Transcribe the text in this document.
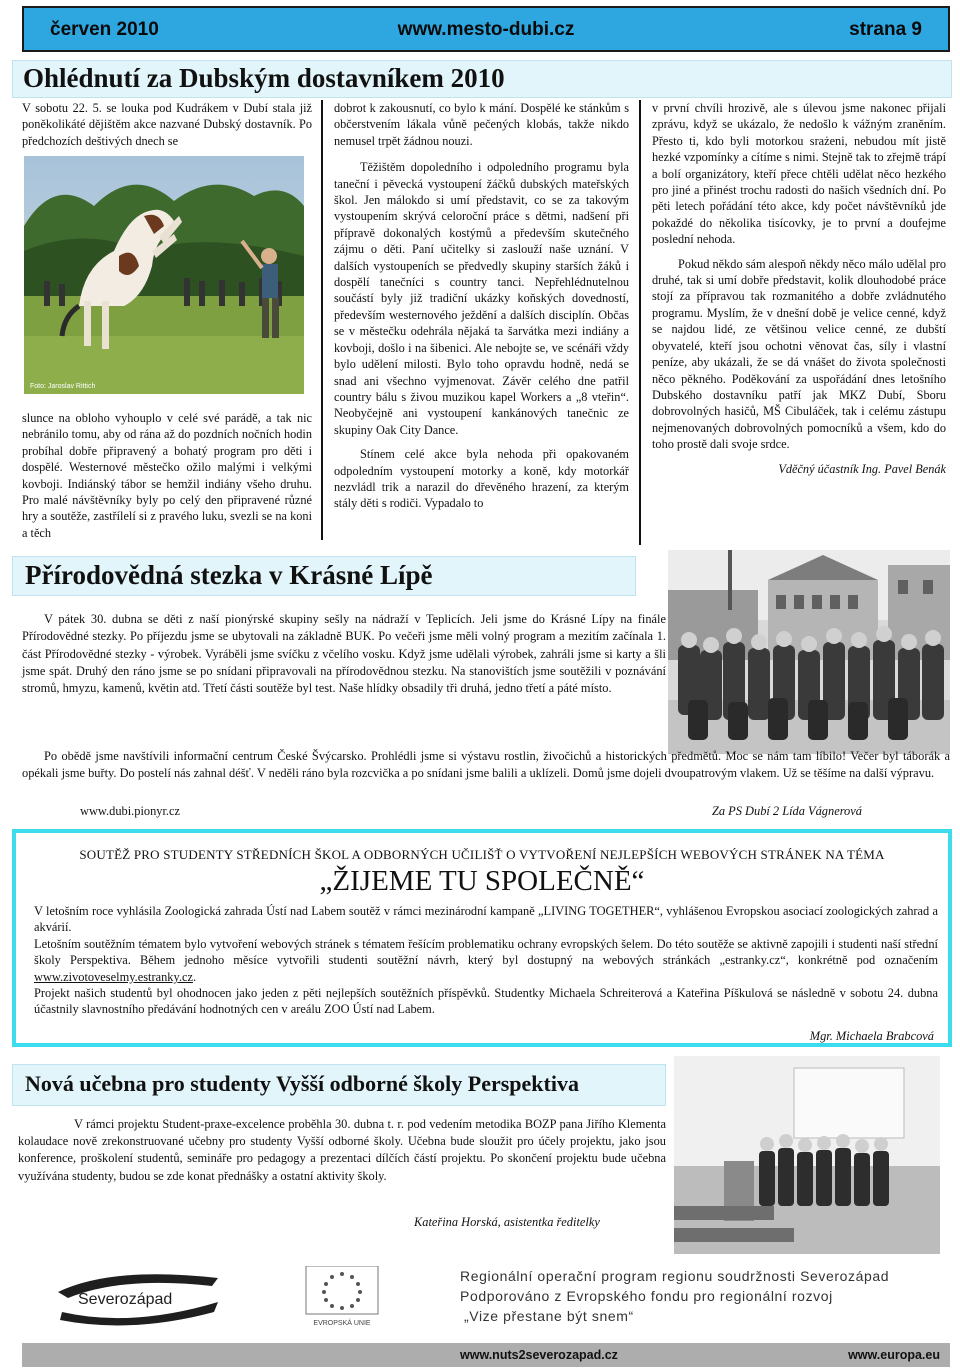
červen 2010	www.mesto-dubi.cz	strana 9
Ohlédnutí za Dubským dostavníkem 2010

V sobotu 22. 5. se louka pod Kudrákem v Dubí stala již poněkolikáté dějištěm akce nazvané Dubský dostavník. Po předchozích deštivých dnech se

Foto: Jaroslav Rittich

slunce na obloho vyhouplo v celé své parádě, a tak nic nebránilo tomu, aby od rána až do pozdních nočních hodin probíhal dobře připravený a bohatý program pro děti i dospělé. Westernové městečko ožilo malými i velkými kovboji. Indiánský tábor se hemžil indiány všeho druhu. Pro malé návštěvníky byly po celý den připravené různé hry a soutěže, zastřílelí si z pravého luku, svezli se na koni a těch

dobrot k zakousnutí, co bylo k mání. Dospělé ke stánkům s občerstvením lákala vůně pečených klobás, takže nikdo nemusel trpět žádnou nouzi.

Těžištěm dopoledního i odpoledního programu byla taneční i pěvecká vystoupení žáčků dubských mateřských škol. Jen málokdo si umí představit, co se za takovým vystoupením skrývá celoroční práce s dětmi, nadšení při přípravě dokonalých kostýmů a především skutečného zájmu o děti. Paní učitelky si zaslouží naše uznání. V dalších vystoupeních se předvedly skupiny starších žáků i dospělí tanečníci s country tanci. Nepřehlédnutelnou součástí byly již tradiční ukázky koňských dovedností, především westernového ježdění a dalších disciplín. Občas se v městečku odehrála nějaká ta šarvátka mezi indiány a kovboji, došlo i na šibenici. Ale nebojte se, ve scénáři vždy bylo udělení milosti. Bylo toho opravdu hodně, nedá se snad ani všechno vyjmenovat. Závěr celého dne patřil country bálu s živou muzikou kapel Workers a „8 vteřin“. Neobyčejně ani vystoupení kankánových tanečnic ze skupiny Oak City Dance.

Stínem celé akce byla nehoda při opakovaném odpoledním vystoupení motorky a koně, kdy motorkář nezvládl trik a narazil do dřevěného hrazení, za kterým stály děti s rodiči. Vypadalo to

v první chvíli hrozivě, ale s úlevou jsme nakonec přijali zprávu, když se ukázalo, že nedošlo k vážným zraněním. Přesto ti, kdo byli motorkou srażeni, nebudou mít jistě hezké vzpomínky a cítíme s nimi. Stejně tak to zřejmě trápí a bolí organizátory, kteří přece chtěli udělat něco hezkého pro jiné a přinést trochu radosti do našich všedních dní. Po pěti letech pořádání této akce, kdy počet návštěvníků jde pokaždé do několika tisícovky, je to první a doufejme poslední nehoda.

Pokud někdo sám alespoň někdy něco málo udělal pro druhé, tak si umí dobře představit, kolik dlouhodobé práce stojí za přípravou tak rozmanitého a dobře zvládnutého programu. Myslím, že v dnešní době je velice cenné, když se najdou lidé, ze většinou velice cenné, ze dubští obyvatelé, kteří jsou ochotni věnovat čas, síly i vlastní peníze, aby ukázali, že se dá vnášet do života společnosti něco pěkného. Poděkování za uspořádání dnes letošního Dubského dostavníku patří jak MKZ Dubí, Sboru dobrovolných hasičů, MŠ Cibuláček, tak i celému zástupu nejmenovaných dobrovolných pomocníků a všem, kdo do toho prostě dali svoje srdce.

Vděčný účastník Ing. Pavel Benák

Přírodovědná stezka v Krásné Lípě

V pátek 30. dubna se děti z naší pionýrské skupiny sešly na nádraží v Teplicích. Jeli jsme do Krásné Lípy na finále Přírodovědné stezky. Po příjezdu jsme se ubytovali na základně BUK. Po večeři jsme měli volný program a mezitím začínala 1. část Přírodovědné stezky - výrobek. Vyráběli jsme svíčku z včelího vosku. Když jsme udělali výrobek, zahráli jsme si karty a šli jsme spát. Druhý den ráno jsme se po snídani připravovali na přírodovědnou stezku. Na stanovištích jsme soutěžili v poznávání stromů, hmyzu, kamenů, květin atd. Třetí části soutěže byl test. Naše hlídky obsadily tři druhá, jedno třetí a páté místo.

Po obědě jsme navštívili informační centrum České Švýcarsko. Prohlédli jsme si výstavu rostlin, živočichů a historických předmětů. Moc se nám tam líbilo! Večer byl táborák a opékali jsme buřty. Do postelí nás zahnal déšť. V neděli ráno byla rozcvička a po snídani jsme balili a uklízeli. Domů jsme dojeli dvoupatrovým vlakem. Už se těšíme na další výpravu.

www.dubi.pionyr.cz	Za PS Dubí 2 Lída Vágnerová
SOUTĚŽ PRO STUDENTY STŘEDNÍCH ŠKOL A ODBORNÝCH UČILIŠŤ O VYTVOŘENÍ NEJLEPŠÍCH WEBOVÝCH STRÁNEK NA TÉMA
„ŽIJEME TU SPOLEČNĚ“

V letošním roce vyhlásila Zoologická zahrada Ústí nad Labem soutěž v rámci mezinárodní kampaně „LIVING TOGETHER“, vyhlášenou Evropskou asociací zoologických zahrad a akvárií.

Letošním soutěžním tématem bylo vytvoření webových stránek s tématem řešícím problematiku ochrany evropských šelem. Do této soutěže se aktivně zapojili i studenti naší střední školy Perspektiva. Během jednoho měsíce vytvořili studenti soutěžní návrh, který byl dostupný na webových stránkách „estranky.cz“, konkrétně pod označením www.zivotoveselmy.estranky.cz.

Projekt našich studentů byl ohodnocen jako jeden z pěti nejlepších soutěžních příspěvků. Studentky Michaela Schreiterová a Kateřina Píškulová se následně v sobotu 24. dubna účastnily slavnostního předávání hodnotných cen v areálu ZOO Ústí nad Labem.

Mgr. Michaela Brabcová
Nová učebna pro studenty Vyšší odborné školy Perspektiva

V rámci projektu Student-praxe-excelence proběhla 30. dubna t. r. pod vedením metodika BOZP pana Jiřího Klementa kolaudace nově zrekonstruované učebny pro studenty Vyšší odborné školy. Učebna bude sloužit pro účely projektu, jako jsou konference, proškolení studentů, semináře pro pedagogy a prezentaci dílčích částí projektu. Po skončení projektu bude učebna využívána studenty, budou se zde konat přednášky a ostatní aktivity školy.

Kateřina Horská, asistentka ředitelky
Severozápad
EVROPSKÁ UNIE
Regionální operační program regionu soudržnosti Severozápad
Podporováno z Evropského fondu pro regionální rozvoj
„Vize přestane být snem“
www.nuts2severozapad.cz	www.europa.eu
